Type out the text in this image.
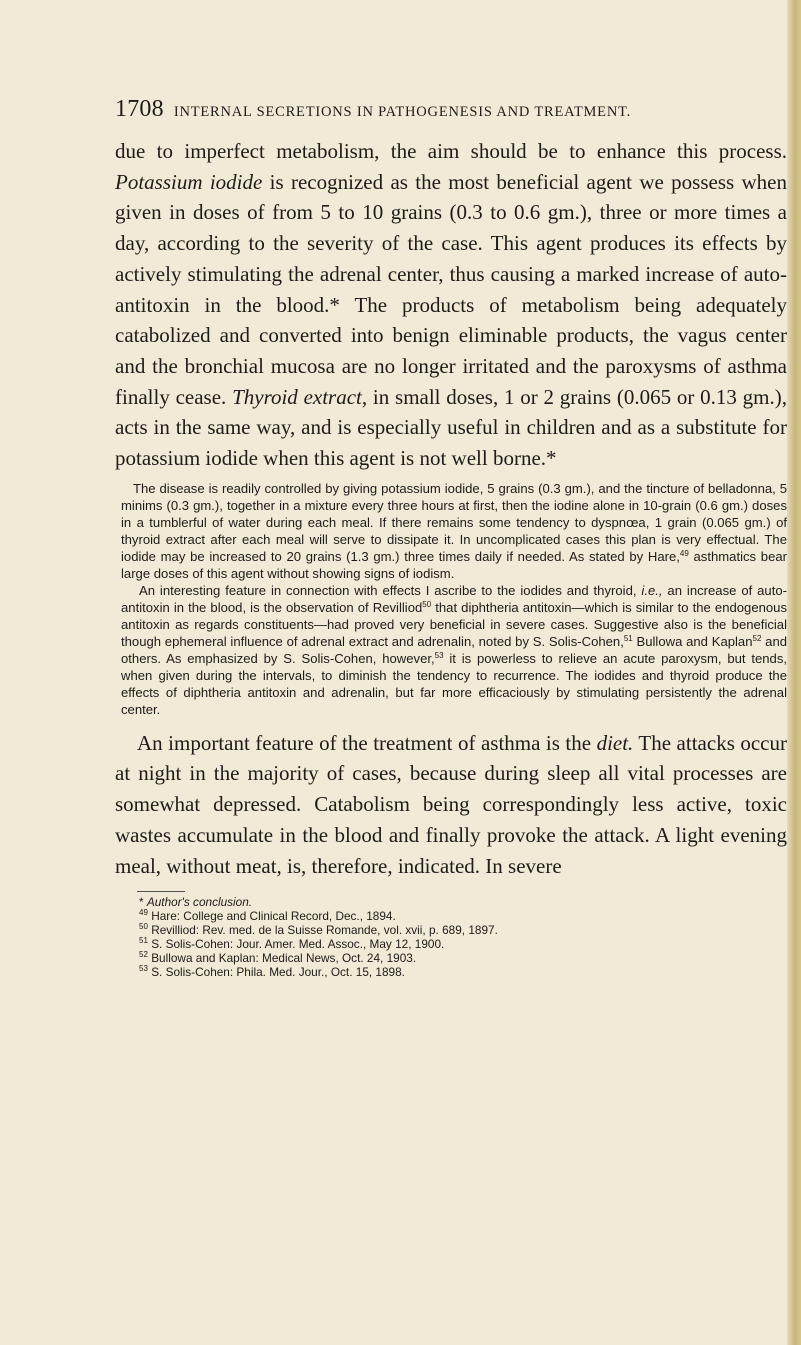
1708 INTERNAL SECRETIONS IN PATHOGENESIS AND TREATMENT.

due to imperfect metabolism, the aim should be to enhance this process. Potassium iodide is recognized as the most beneficial agent we possess when given in doses of from 5 to 10 grains (0.3 to 0.6 gm.), three or more times a day, according to the severity of the case. This agent produces its effects by actively stimulating the adrenal center, thus causing a marked increase of auto-antitoxin in the blood.* The products of metabolism being adequately catabolized and converted into benign eliminable products, the vagus center and the bronchial mucosa are no longer irritated and the paroxysms of asthma finally cease. Thyroid extract, in small doses, 1 or 2 grains (0.065 or 0.13 gm.), acts in the same way, and is especially useful in children and as a substitute for potassium iodide when this agent is not well borne.*

The disease is readily controlled by giving potassium iodide, 5 grains (0.3 gm.), and the tincture of belladonna, 5 minims (0.3 gm.), together in a mixture every three hours at first, then the iodine alone in 10-grain (0.6 gm.) doses in a tumblerful of water during each meal. If there remains some tendency to dyspnœa, 1 grain (0.065 gm.) of thyroid extract after each meal will serve to dissipate it. In uncomplicated cases this plan is very effectual. The iodide may be increased to 20 grains (1.3 gm.) three times daily if needed. As stated by Hare,$^{49}$ asthmatics bear large doses of this agent without showing signs of iodism.

An interesting feature in connection with effects I ascribe to the iodides and thyroid, i.e., an increase of auto-antitoxin in the blood, is the observation of Revilliod$^{50}$ that diphtheria antitoxin—which is similar to the endogenous antitoxin as regards constituents—had proved very beneficial in severe cases. Suggestive also is the beneficial though ephemeral influence of adrenal extract and adrenalin, noted by S. Solis-Cohen,$^{51}$ Bullowa and Kaplan$^{52}$ and others. As emphasized by S. Solis-Cohen, however,$^{53}$ it is powerless to relieve an acute paroxysm, but tends, when given during the intervals, to diminish the tendency to recurrence. The iodides and thyroid produce the effects of diphtheria antitoxin and adrenalin, but far more efficaciously by stimulating persistently the adrenal center.

An important feature of the treatment of asthma is the diet. The attacks occur at night in the majority of cases, because during sleep all vital processes are somewhat depressed. Catabolism being correspondingly less active, toxic wastes accumulate in the blood and finally provoke the attack. A light evening meal, without meat, is, therefore, indicated. In severe

* Author's conclusion.
$^{49}$ Hare: College and Clinical Record, Dec., 1894.
$^{50}$ Revilliod: Rev. med. de la Suisse Romande, vol. xvii, p. 689, 1897.
$^{51}$ S. Solis-Cohen: Jour. Amer. Med. Assoc., May 12, 1900.
$^{52}$ Bullowa and Kaplan: Medical News, Oct. 24, 1903.
$^{53}$ S. Solis-Cohen: Phila. Med. Jour., Oct. 15, 1898.
